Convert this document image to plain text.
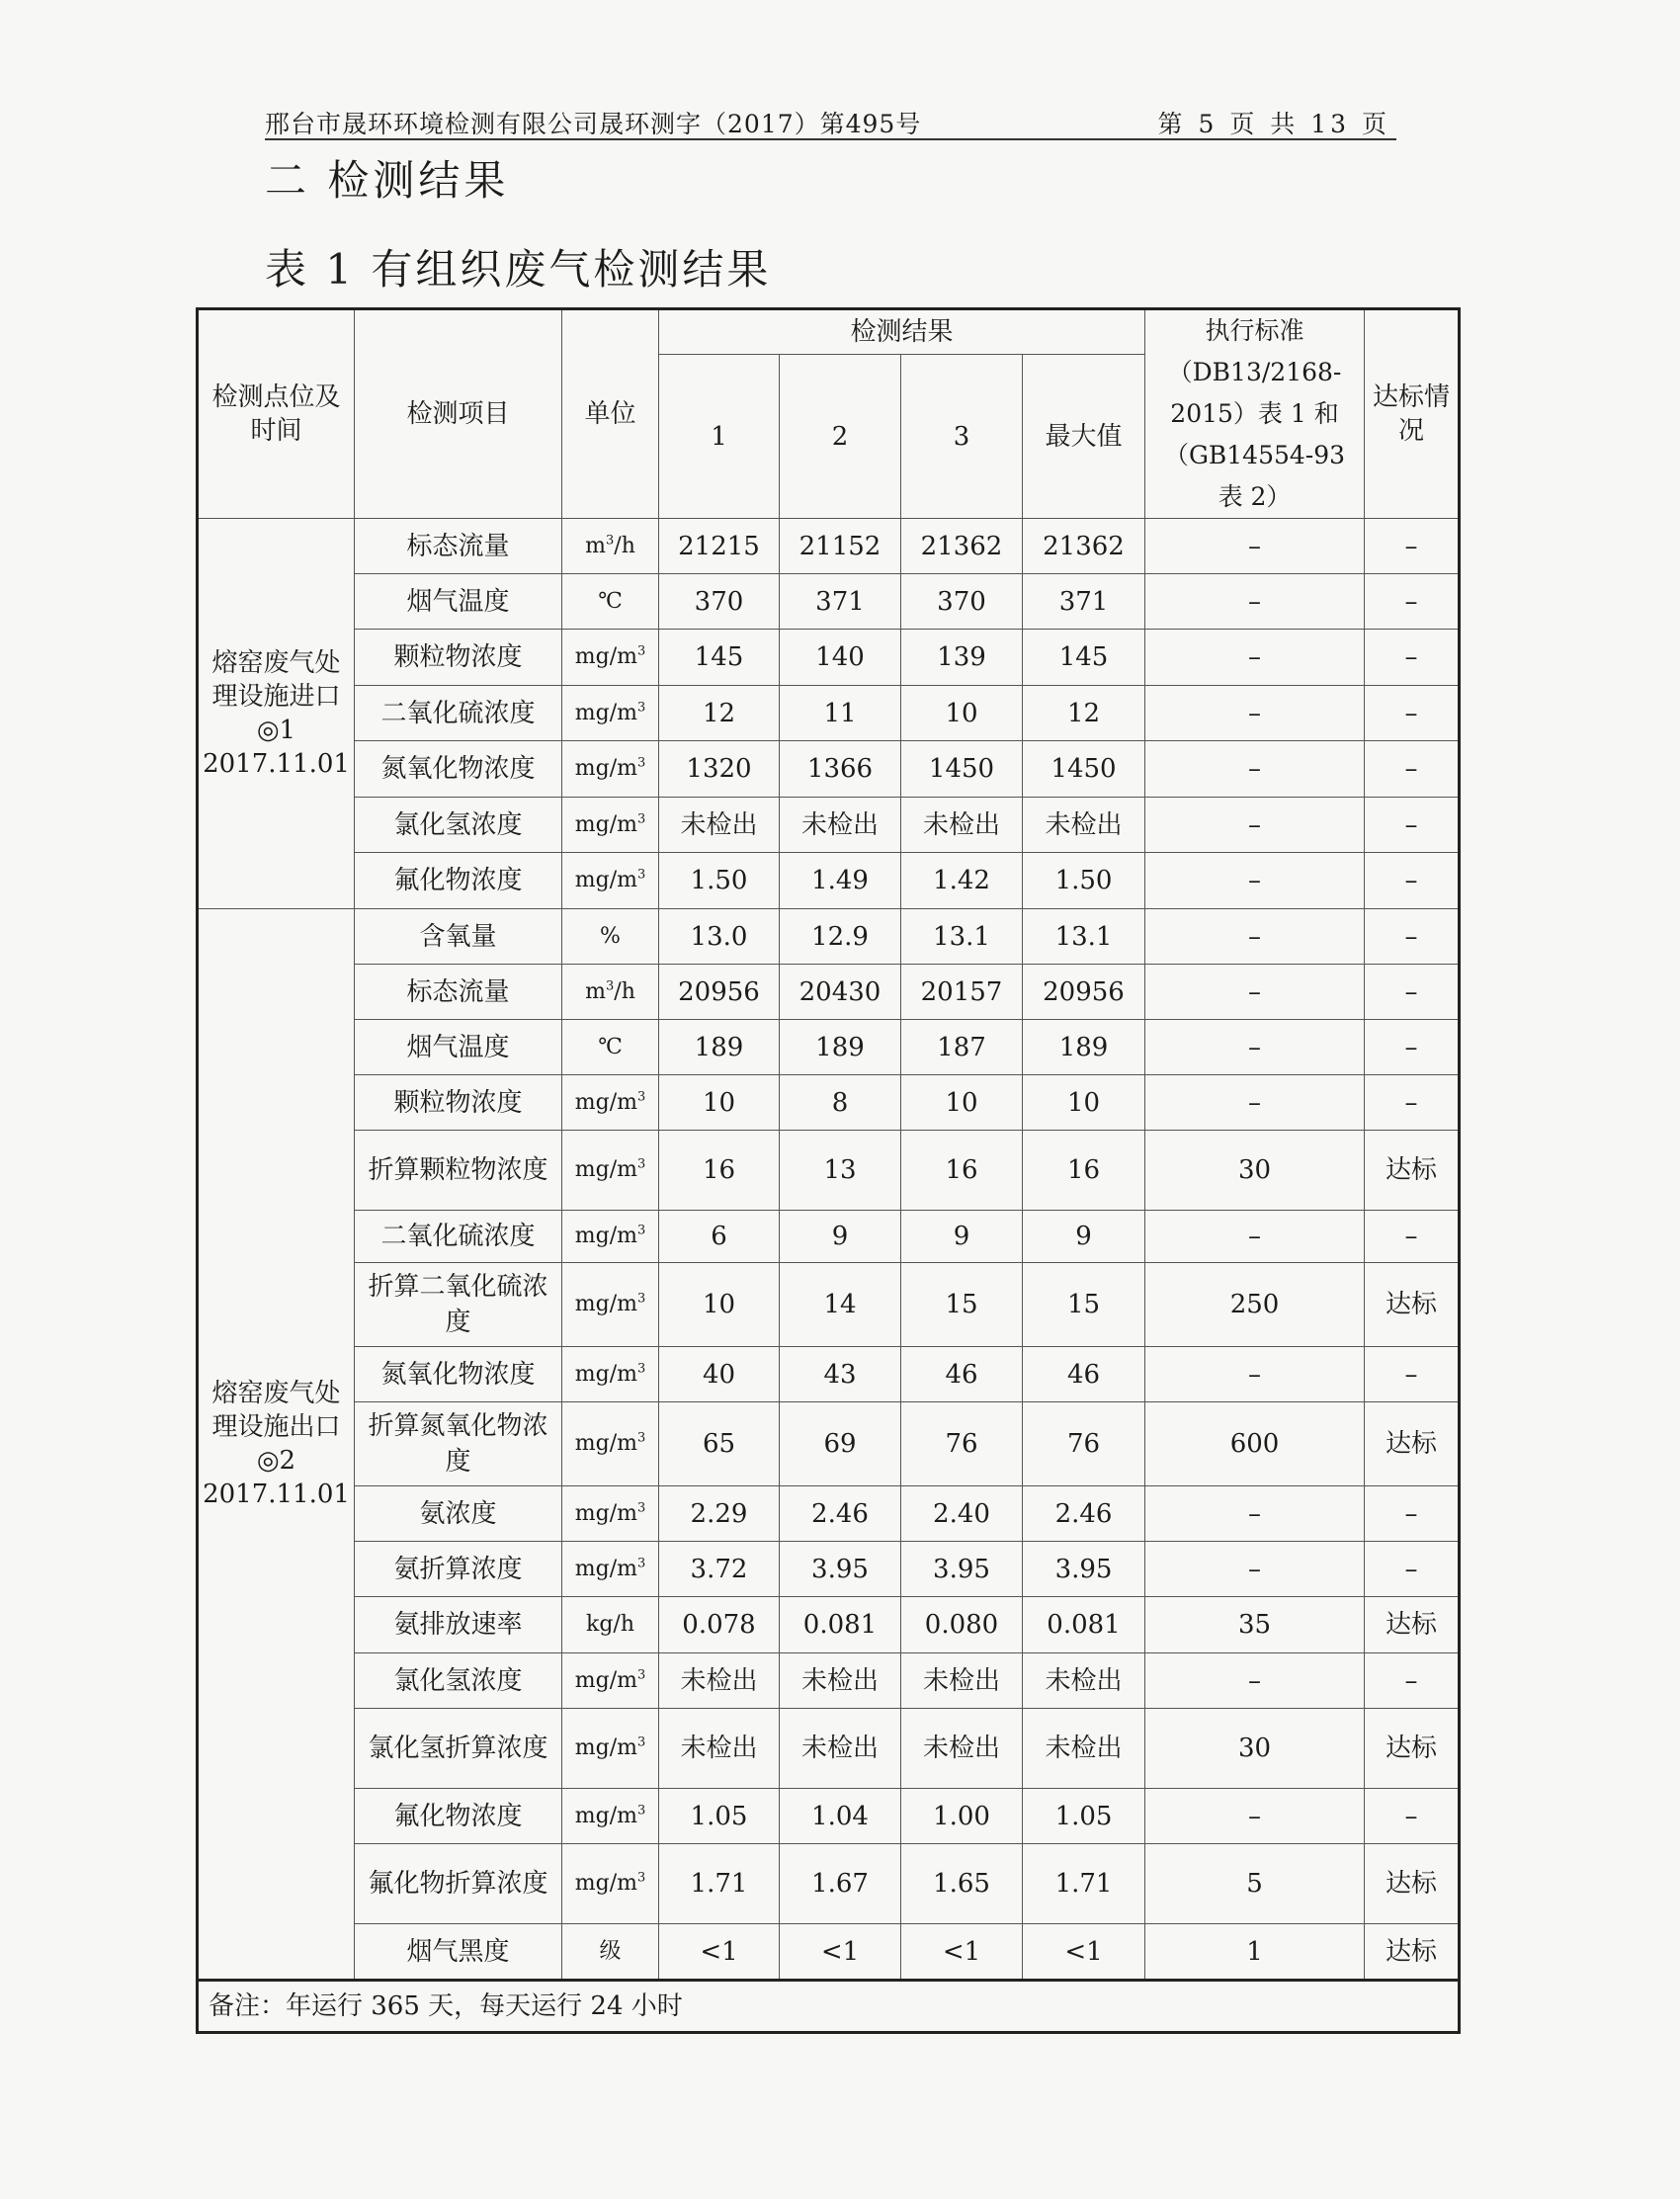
邢台市晟环环境检测有限公司晟环测字（2017）第495号	第 5 页 共 13 页
二 检测结果
表 1 有组织废气检测结果
检测点位及时间	检测项目	单位	检测结果				执行标准（DB13/2168-2015）表 1 和（GB14554-93 表 2）	达标情况
			1	2	3	最大值		
熔窑废气处理设施进口◎1 2017.11.01	标态流量	$m^3/h$	21215	21152	21362	21362	–	–
	烟气温度	℃	370	371	370	371	–	–
	颗粒物浓度	$mg/m^3$	145	140	139	145	–	–
	二氧化硫浓度	$mg/m^3$	12	11	10	12	–	–
	氮氧化物浓度	$mg/m^3$	1320	1366	1450	1450	–	–
	氯化氢浓度	$mg/m^3$	未检出	未检出	未检出	未检出	–	–
	氟化物浓度	$mg/m^3$	1.50	1.49	1.42	1.50	–	–
熔窑废气处理设施出口◎2 2017.11.01	含氧量	%	13.0	12.9	13.1	13.1	–	–
	标态流量	$m^3/h$	20956	20430	20157	20956	–	–
	烟气温度	℃	189	189	187	189	–	–
	颗粒物浓度	$mg/m^3$	10	8	10	10	–	–
	折算颗粒物浓度	$mg/m^3$	16	13	16	16	30	达标
	二氧化硫浓度	$mg/m^3$	6	9	9	9	–	–
	折算二氧化硫浓度	$mg/m^3$	10	14	15	15	250	达标
	氮氧化物浓度	$mg/m^3$	40	43	46	46	–	–
	折算氮氧化物浓度	$mg/m^3$	65	69	76	76	600	达标
	氨浓度	$mg/m^3$	2.29	2.46	2.40	2.46	–	–
	氨折算浓度	$mg/m^3$	3.72	3.95	3.95	3.95	–	–
	氨排放速率	kg/h	0.078	0.081	0.080	0.081	35	达标
	氯化氢浓度	$mg/m^3$	未检出	未检出	未检出	未检出	–	–
	氯化氢折算浓度	$mg/m^3$	未检出	未检出	未检出	未检出	30	达标
	氟化物浓度	$mg/m^3$	1.05	1.04	1.00	1.05	–	–
	氟化物折算浓度	$mg/m^3$	1.71	1.67	1.65	1.71	5	达标
	烟气黑度	级	<1	<1	<1	<1	1	达标
备注：年运行 365 天，每天运行 24 小时								
